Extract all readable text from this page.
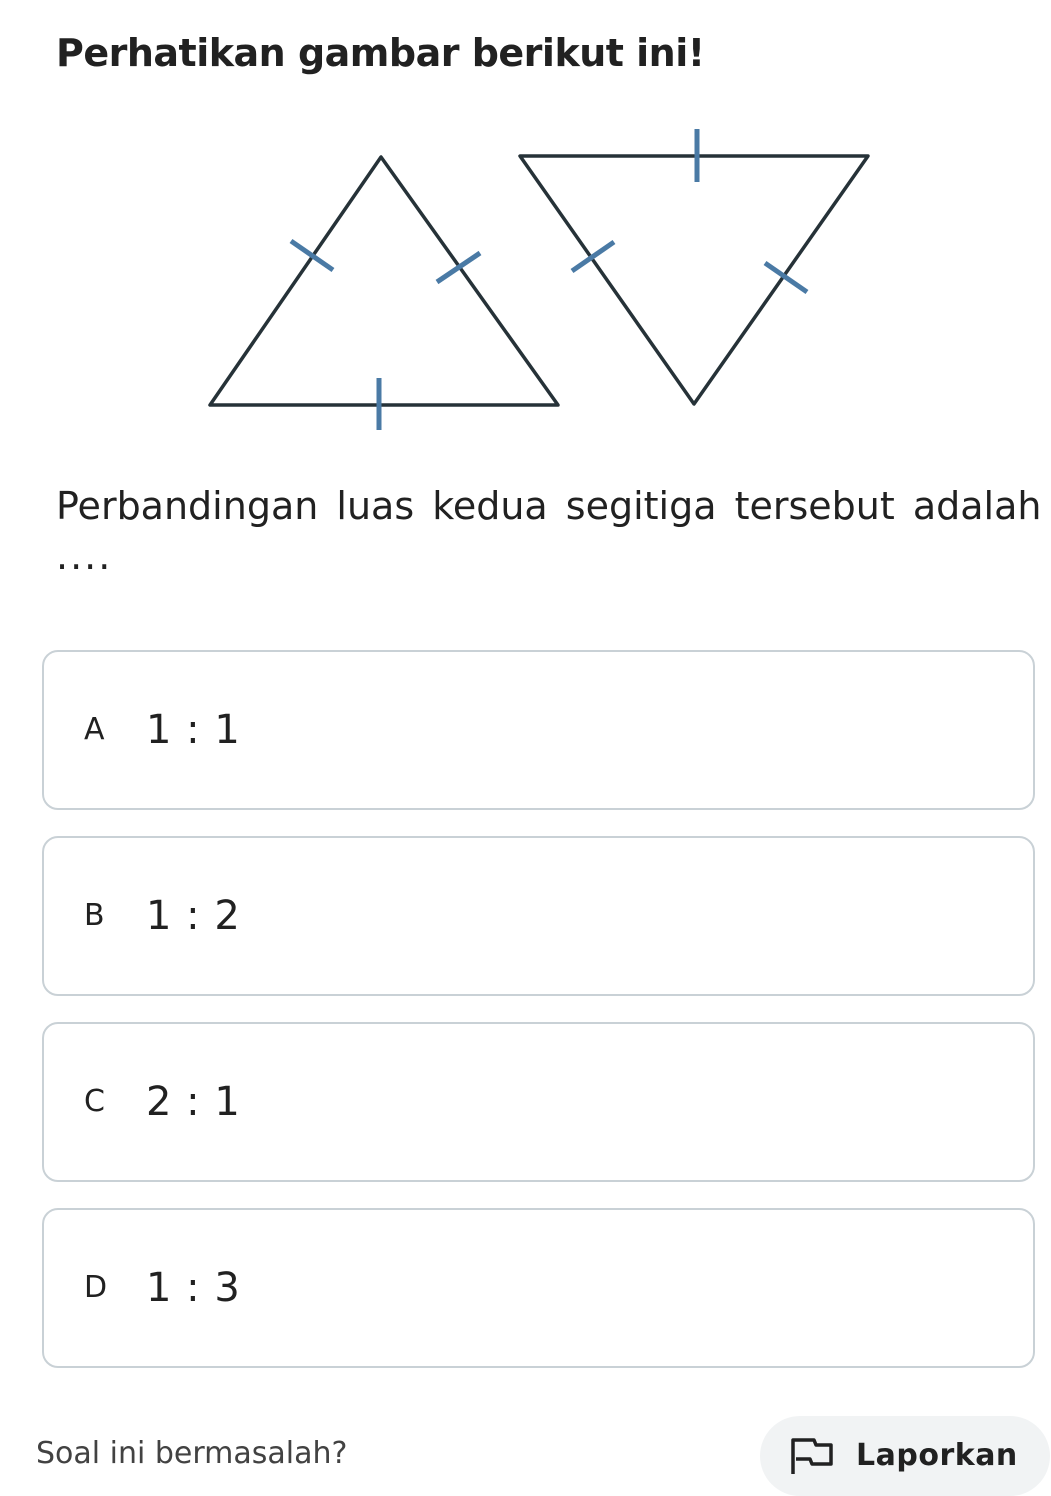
Perhatikan gambar berikut ini!

Perbandingan luas kedua segitiga tersebut adalah
....

A 1 : 1
B 1 : 2
C 2 : 1
D 1 : 3
Soal ini bermasalah?	Laporkan
